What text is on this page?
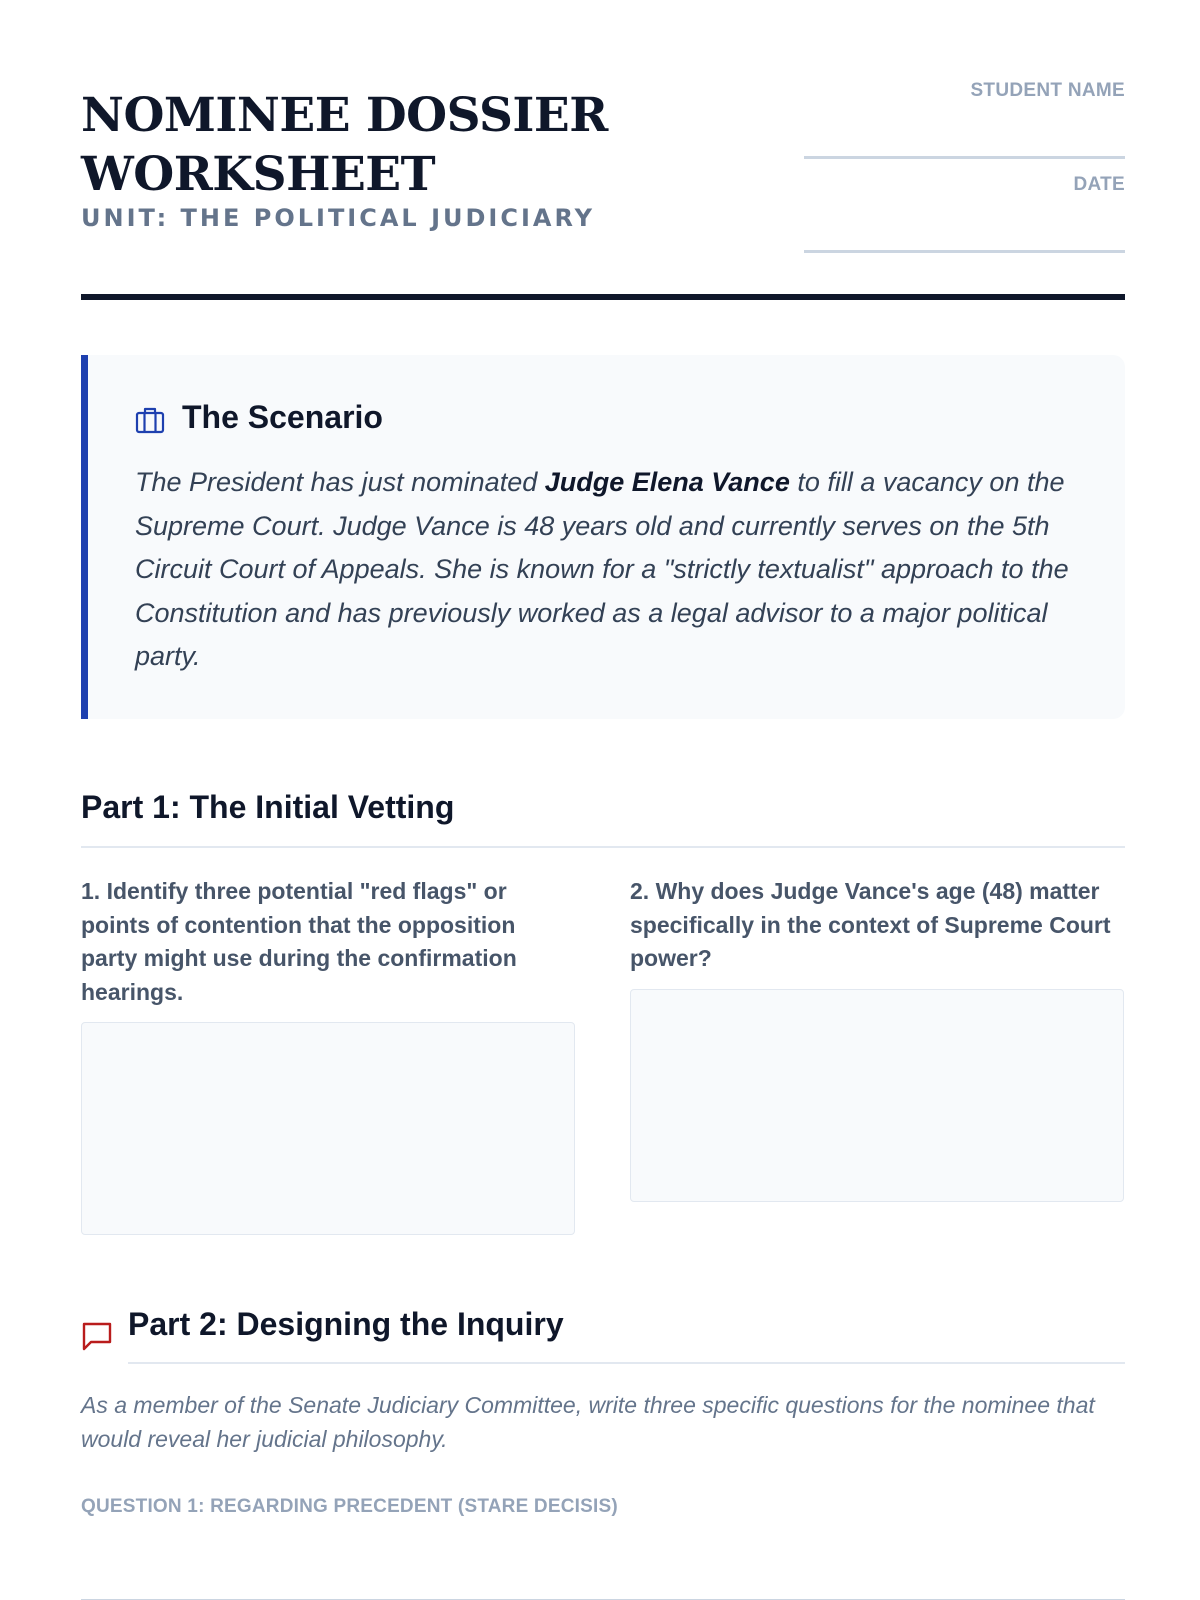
NOMINEE DOSSIER WORKSHEET
UNIT: THE POLITICAL JUDICIARY
STUDENT NAME
DATE
The Scenario

The President has just nominated Judge Elena Vance to fill a vacancy on the Supreme Court. Judge Vance is 48 years old and currently serves on the 5th Circuit Court of Appeals. She is known for a "strictly textualist" approach to the Constitution and has previously worked as a legal advisor to a major political party.

Part 1: The Initial Vetting

1. Identify three potential "red flags" or points of contention that the opposition party might use during the confirmation hearings.

2. Why does Judge Vance's age (48) matter specifically in the context of Supreme Court power?

Part 2: Designing the Inquiry

As a member of the Senate Judiciary Committee, write three specific questions for the nominee that would reveal her judicial philosophy.

QUESTION 1: REGARDING PRECEDENT (STARE DECISIS)
